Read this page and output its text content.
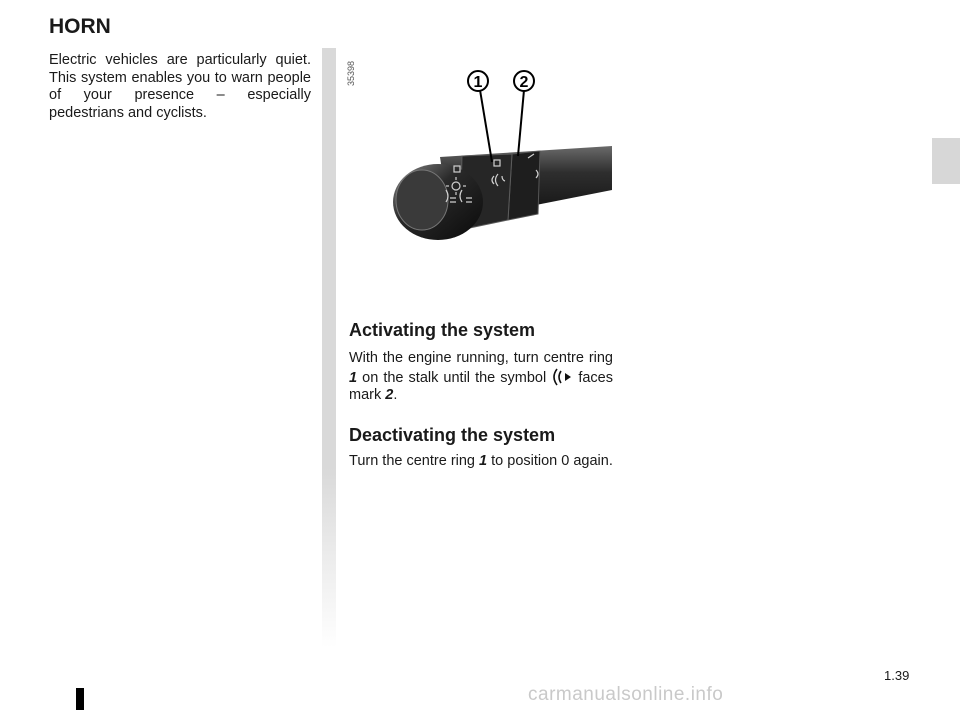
HORN

Electric vehicles are particularly quiet. This system enables you to warn people of your presence – especially pedestrians and cyclists.

35398	1 2
Activating the system

With the engine running, turn centre ring 1 on the stalk until the symbol faces mark 2.

Deactivating the system

Turn the centre ring 1 to position 0 again.

1.39
carmanualsonline.info
